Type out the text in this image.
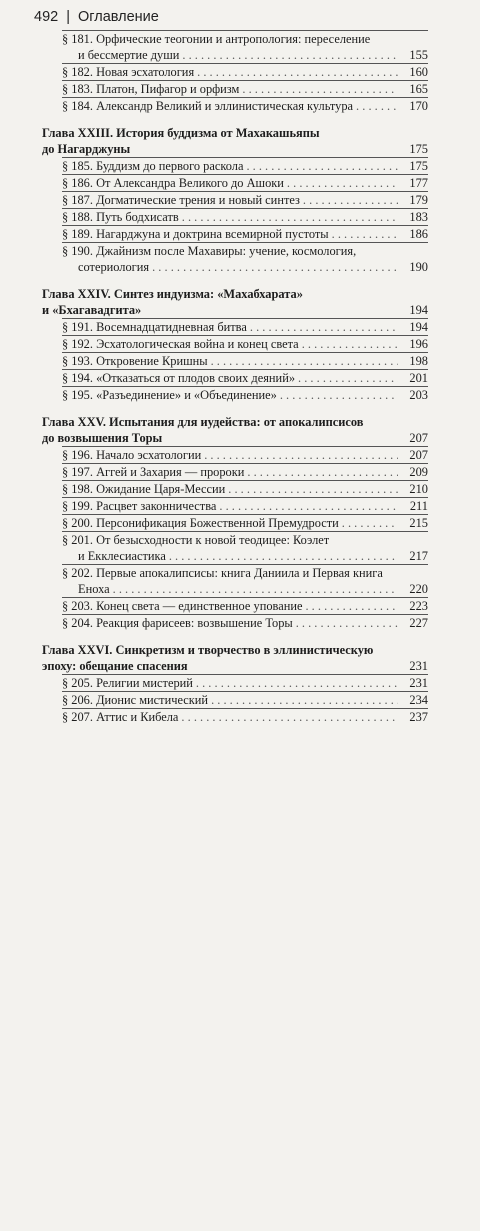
492 | Оглавление
§ 181. Орфические теогонии и антропология: переселение
и бессмертие души . . .	155
§ 182. Новая эсхатология . . .	160
§ 183. Платон, Пифагор и орфизм . . .	165
§ 184. Александр Великий и эллинистическая культура . . .	170
Глава XXIII. История буддизма от Махакашьяпы
до Нагарджуны	175
§ 185. Буддизм до первого раскола . . .	175
§ 186. От Александра Великого до Ашоки . . .	177
§ 187. Догматические трения и новый синтез . . .	179
§ 188. Путь бодхисатв . . .	183
§ 189. Нагарджуна и доктрина всемирной пустоты . . .	186
§ 190. Джайнизм после Махавиры: учение, космология,
сотериология . . .	190
Глава XXIV. Синтез индуизма: «Махабхарата»
и «Бхагавадгита»	194
§ 191. Восемнадцатидневная битва . . .	194
§ 192. Эсхатологическая война и конец света . . .	196
§ 193. Откровение Кришны . . .	198
§ 194. «Отказаться от плодов своих деяний» . . .	201
§ 195. «Разъединение» и «Объединение» . . .	203
Глава XXV. Испытания для иудейства: от апокалипсисов
до возвышения Торы	207
§ 196. Начало эсхатологии . . .	207
§ 197. Аггей и Захария — пророки . . .	209
§ 198. Ожидание Царя-Мессии . . .	210
§ 199. Расцвет законничества . . .	211
§ 200. Персонификация Божественной Премудрости . . .	215
§ 201. От безысходности к новой теодицее: Коэлет
и Екклесиастика . . .	217
§ 202. Первые апокалипсисы: книга Даниила и Первая книга
Еноха . . .	220
§ 203. Конец света — единственное упование . . .	223
§ 204. Реакция фарисеев: возвышение Торы . . .	227
Глава XXVI. Синкретизм и творчество в эллинистическую
эпоху: обещание спасения	231
§ 205. Религии мистерий . . .	231
§ 206. Дионис мистический . . .	234
§ 207. Аттис и Кибела . . .	237
